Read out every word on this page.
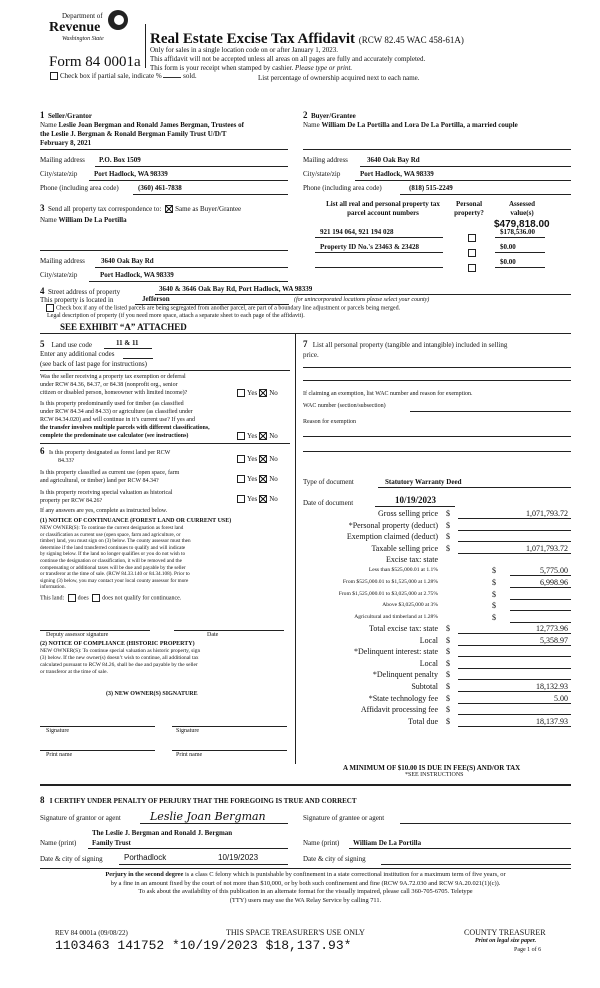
Department of
Revenue
Washington State
Form 84 0001a
Check box if partial sale, indicate %	sold.	List percentage of ownership acquired next to each name.
Real Estate Excise Tax Affidavit (RCW 82.45 WAC 458-61A)
Only for sales in a single location code on or after January 1, 2023.
This affidavit will not be accepted unless all areas on all pages are fully and accurately completed.
This form is your receipt when stamped by cashier. Please type or print.
1 Seller/Grantor
Name Leslie Joan Bergman and Ronald James Bergman, Trustees of
the Leslie J. Bergman & Ronald Bergman Family Trust U/D/T
February 8, 2021
Mailing address P.O. Box 1509
City/state/zip Port Hadlock, WA 98339
Phone (including area code)	(360) 461-7838
2 Buyer/Grantee
Name William De La Portilla and Lora De La Portilla, a married couple
Mailing address	3640 Oak Bay Rd
City/state/zip	Port Hadlock, WA 98339
Phone (including area code)	(818) 515-2249
3 Send all property tax correspondence to: Same as Buyer/Grantee
Name William De La Portilla
Mailing address 3640 Oak Bay Rd
City/state/zip	Port Hadlock, WA 98339
List all real and personal property tax parcel account numbers
Personal property?
Assessed value(s)
$479,818.00
921 194 064, 921 194 028	$178,536.00
Property ID No.'s 23463 & 23428	$0.00
$0.00
4 Street address of property	3640 & 3646 Oak Bay Rd, Port Hadlock, WA 98339
This property is located in	Jefferson	(for unincorporated locations please select your county)
Check box if any of the listed parcels are being segregated from another parcel, are part of a boundary line adjustment or parcels being merged.
Legal description of property (if you need more space, attach a separate sheet to each page of the affidavit).
SEE EXHIBIT “A” ATTACHED
5 Land use code	11 & 11
Enter any additional codes
(see back of last page for instructions)
Was the seller receiving a property tax exemption or deferral
under RCW 84.36, 84.37, or 84.38 (nonprofit org., senior
citizen or disabled person, homeowner with limited income)?	Yes No
Is this property predominantly used for timber (as classified
under RCW 84.34 and 84.33) or agriculture (as classified under
RCW 84.34.020) and will continue in it’s current use? If yes and
the transfer involves multiple parcels with different classifications,
complete the predominate use calculator (see instructions)	Yes No
6 Is this property designated as forest land per RCW
84.33?	Yes No
Is this property classified as current use (open space, farm
and agricultural, or timber) land per RCW 84.34?	Yes No
Is this property receiving special valuation as historical
property per RCW 84.26?	Yes No
If any answers are yes, complete as instructed below.
(1) NOTICE OF CONTINUANCE (FOREST LAND OR CURRENT USE)
NEW OWNER(S): To continue the current designation as forest land
or classification as current use (open space, farm and agriculture, or
timber) land, you must sign on (3) below. The county assessor must then
determine if the land transferred continues to qualify and will indicate
by signing below. If the land no longer qualifies or you do not wish to
continue the designation or classification, it will be removed and the
compensating or additional taxes will be due and payable by the seller
or transferor at the time of sale. (RCW 84.33.140 or 84.34.108). Prior to
signing (3) below, you may contact your local county assessor for more
information.
This land: does does not qualify for continuance.
Deputy assessor signature	Date
(2) NOTICE OF COMPLIANCE (HISTORIC PROPERTY)
NEW OWNER(S): To continue special valuation as historic property, sign
(3) below. If the new owner(s) doesn’t wish to continue, all additional tax
calculated pursuant to RCW 84.26, shall be due and payable by the seller
or transferor at the time of sale.
(3) NEW OWNER(S) SIGNATURE
Signature	Signature
Print name	Print name
7 List all personal property (tangible and intangible) included in selling
price.
If claiming an exemption, list WAC number and reason for exemption.
WAC number (section/subsection)
Reason for exemption
Type of document	Statutory Warranty Deed
Date of document	10/19/2023
Gross selling price $	1,071,793.72
*Personal property (deduct) $
Exemption claimed (deduct) $
Taxable selling price $	1,071,793.72
Excise tax: state
Less than $525,000.01 at 1.1%	$	5,775.00
From $525,000.01 to $1,525,000 at 1.28%	$	6,998.96
From $1,525,000.01 to $3,025,000 at 2.75%	$
Above $3,025,000 at 3%	$
Agricultural and timberland at 1.28%	$
Total excise tax: state $	12,773.96
Local $	5,358.97
*Delinquent interest: state $
Local $
*Delinquent penalty $
Subtotal $	18,132.93
*State technology fee $	5.00
Affidavit processing fee $
Total due $	18,137.93
A MINIMUM OF $10.00 IS DUE IN FEE(S) AND/OR TAX
*SEE INSTRUCTIONS
8 I CERTIFY UNDER PENALTY OF PERJURY THAT THE FOREGOING IS TRUE AND CORRECT
Signature of grantor or agent	Leslie Joan Bergman	Signature of grantee or agent
The Leslie J. Bergman and Ronald J. Bergman
Name (print) Family Trust	Name (print) William De La Portilla
Date & city of signing	Porthadlock	10/19/2023	Date & city of signing
Perjury in the second degree is a class C felony which is punishable by confinement in a state correctional institution for a maximum term of five years, or
by a fine in an amount fixed by the court of not more than $10,000, or by both such confinement and fine (RCW 9A.72.030 and RCW 9A.20.021(1)(c)).
To ask about the availability of this publication in an alternate format for the visually impaired, please call 360-705-6705. Teletype
(TTY) users may use the WA Relay Service by calling 711.
REV 84 0001a (09/08/22)	THIS SPACE TREASURER'S USE ONLY	COUNTY TREASURER
Print on legal size paper.
Page 1 of 6
1103463 141752 *10/19/2023 $18,137.93*
